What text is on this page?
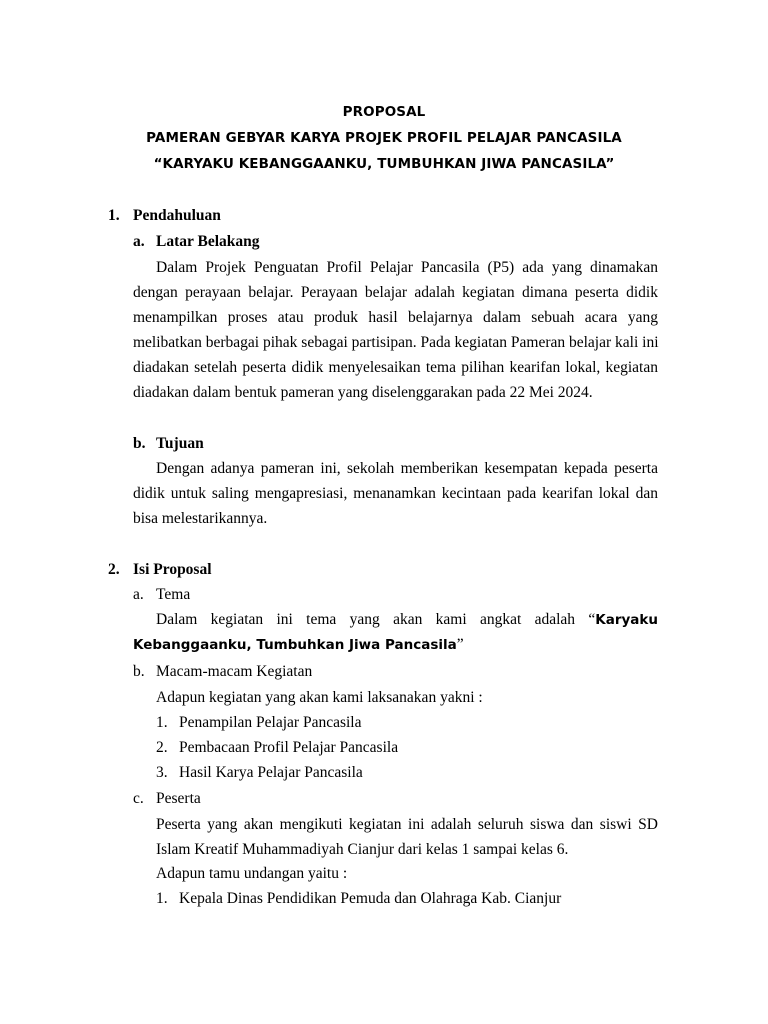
PROPOSAL
PAMERAN GEBYAR KARYA PROJEK PROFIL PELAJAR PANCASILA
“KARYAKU KEBANGGAANKU, TUMBUHKAN JIWA PANCASILA”
1. Pendahuluan
a. Latar Belakang
Dalam Projek Penguatan Profil Pelajar Pancasila (P5) ada yang dinamakan
dengan perayaan belajar. Perayaan belajar adalah kegiatan dimana peserta didik
menampilkan proses atau produk hasil belajarnya dalam sebuah acara yang
melibatkan berbagai pihak sebagai partisipan. Pada kegiatan Pameran belajar kali ini
diadakan setelah peserta didik menyelesaikan tema pilihan kearifan lokal, kegiatan
diadakan dalam bentuk pameran yang diselenggarakan pada 22 Mei 2024.
b. Tujuan
Dengan adanya pameran ini, sekolah memberikan kesempatan kepada peserta
didik untuk saling mengapresiasi, menanamkan kecintaan pada kearifan lokal dan
bisa melestarikannya.
2. Isi Proposal
a. Tema
Dalam kegiatan ini tema yang akan kami angkat adalah “Karyaku
Kebanggaanku, Tumbuhkan Jiwa Pancasila”
b. Macam-macam Kegiatan
Adapun kegiatan yang akan kami laksanakan yakni :
1. Penampilan Pelajar Pancasila
2. Pembacaan Profil Pelajar Pancasila
3. Hasil Karya Pelajar Pancasila
c. Peserta
Peserta yang akan mengikuti kegiatan ini adalah seluruh siswa dan siswi SD
Islam Kreatif Muhammadiyah Cianjur dari kelas 1 sampai kelas 6.
Adapun tamu undangan yaitu :
1. Kepala Dinas Pendidikan Pemuda dan Olahraga Kab. Cianjur
